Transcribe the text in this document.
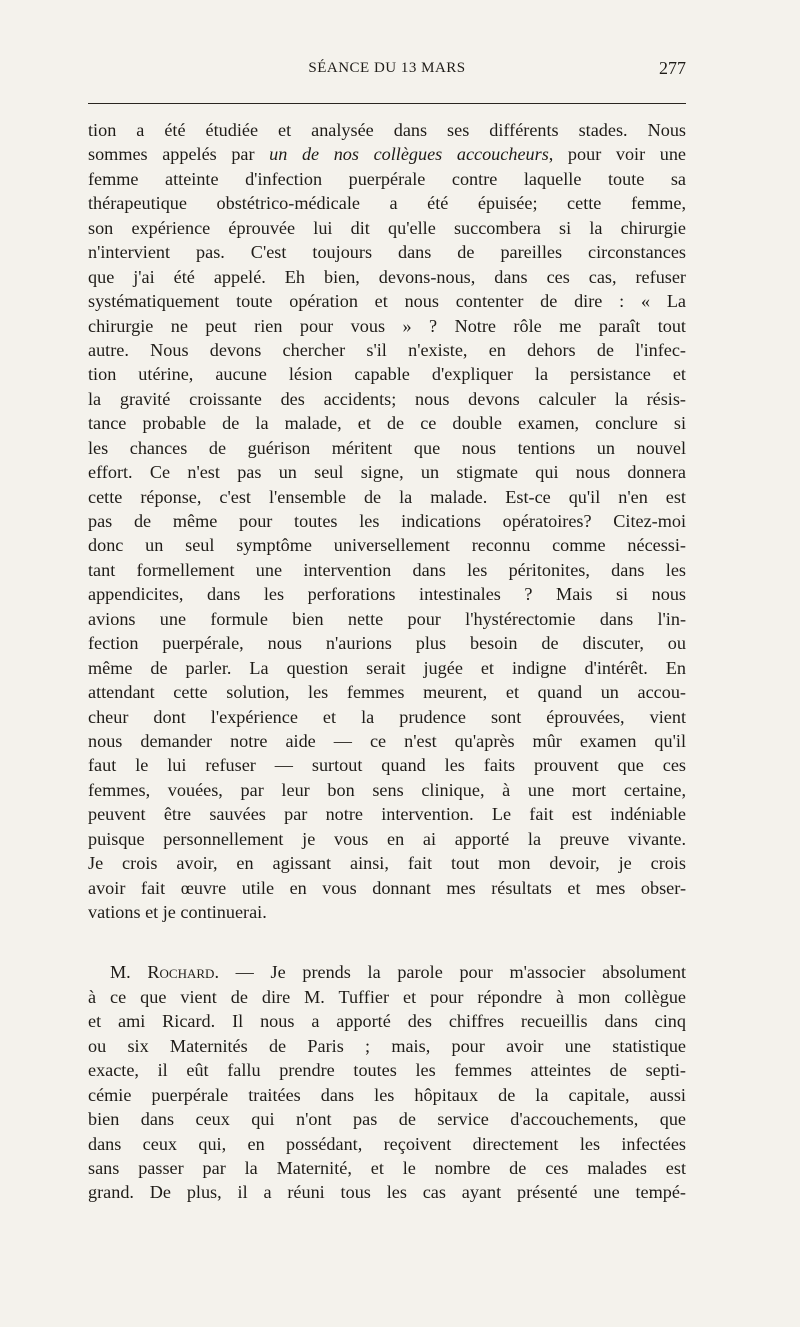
SÉANCE DU 13 MARS	277
tion a été étudiée et analysée dans ses différents stades. Nous
sommes appelés par un de nos collègues accoucheurs, pour voir une
femme atteinte d'infection puerpérale contre laquelle toute sa
thérapeutique obstétrico-médicale a été épuisée; cette femme,
son expérience éprouvée lui dit qu'elle succombera si la chirurgie
n'intervient pas. C'est toujours dans de pareilles circonstances
que j'ai été appelé. Eh bien, devons-nous, dans ces cas, refuser
systématiquement toute opération et nous contenter de dire : « La
chirurgie ne peut rien pour vous » ? Notre rôle me paraît tout
autre. Nous devons chercher s'il n'existe, en dehors de l'infec-
tion utérine, aucune lésion capable d'expliquer la persistance et
la gravité croissante des accidents; nous devons calculer la résis-
tance probable de la malade, et de ce double examen, conclure si
les chances de guérison méritent que nous tentions un nouvel
effort. Ce n'est pas un seul signe, un stigmate qui nous donnera
cette réponse, c'est l'ensemble de la malade. Est-ce qu'il n'en est
pas de même pour toutes les indications opératoires? Citez-moi
donc un seul symptôme universellement reconnu comme nécessi-
tant formellement une intervention dans les péritonites, dans les
appendicites, dans les perforations intestinales ? Mais si nous
avions une formule bien nette pour l'hystérectomie dans l'in-
fection puerpérale, nous n'aurions plus besoin de discuter, ou
même de parler. La question serait jugée et indigne d'intérêt. En
attendant cette solution, les femmes meurent, et quand un accou-
cheur dont l'expérience et la prudence sont éprouvées, vient
nous demander notre aide — ce n'est qu'après mûr examen qu'il
faut le lui refuser — surtout quand les faits prouvent que ces
femmes, vouées, par leur bon sens clinique, à une mort certaine,
peuvent être sauvées par notre intervention. Le fait est indéniable
puisque personnellement je vous en ai apporté la preuve vivante.
Je crois avoir, en agissant ainsi, fait tout mon devoir, je crois
avoir fait œuvre utile en vous donnant mes résultats et mes obser-
vations et je continuerai.
M. Rochard. — Je prends la parole pour m'associer absolument
à ce que vient de dire M. Tuffier et pour répondre à mon collègue
et ami Ricard. Il nous a apporté des chiffres recueillis dans cinq
ou six Maternités de Paris ; mais, pour avoir une statistique
exacte, il eût fallu prendre toutes les femmes atteintes de septi-
cémie puerpérale traitées dans les hôpitaux de la capitale, aussi
bien dans ceux qui n'ont pas de service d'accouchements, que
dans ceux qui, en possédant, reçoivent directement les infectées
sans passer par la Maternité, et le nombre de ces malades est
grand. De plus, il a réuni tous les cas ayant présenté une tempé-
